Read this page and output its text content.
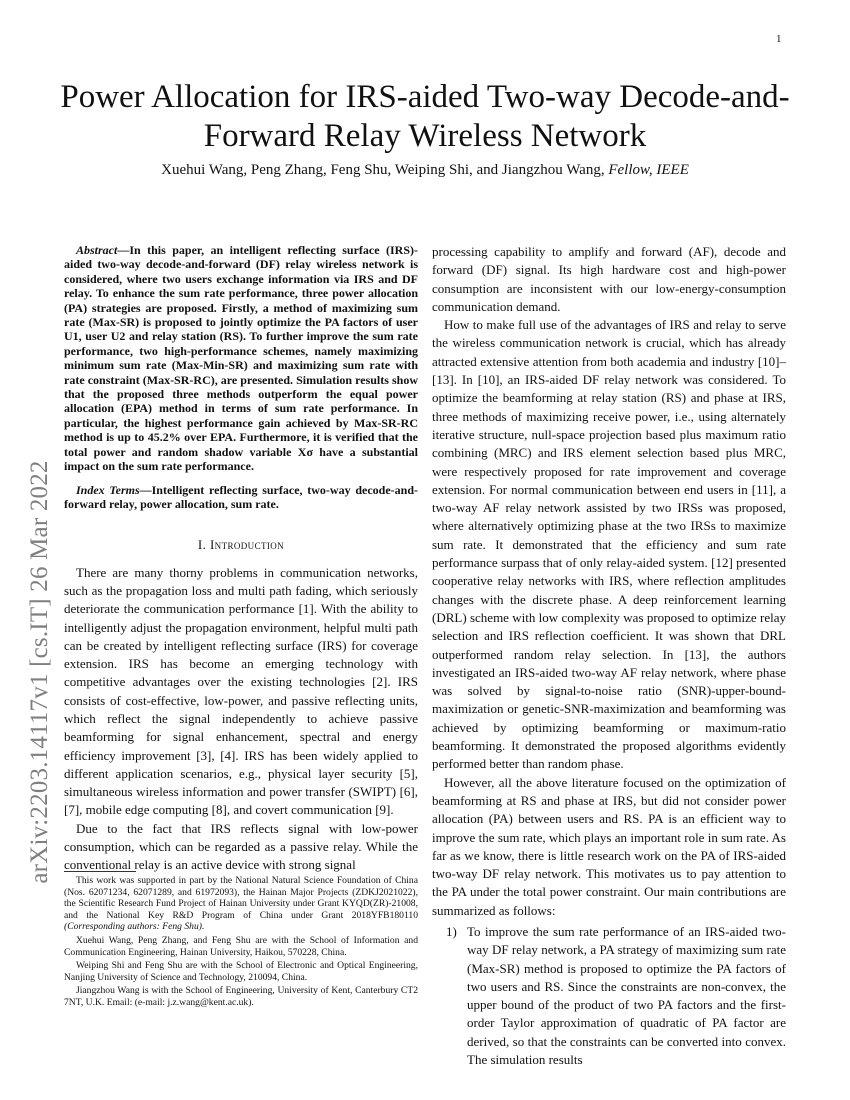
1
arXiv:2203.14117v1 [cs.IT] 26 Mar 2022
Power Allocation for IRS-aided Two-way Decode-and-Forward Relay Wireless Network
Xuehui Wang, Peng Zhang, Feng Shu, Weiping Shi, and Jiangzhou Wang, Fellow, IEEE

Abstract—In this paper, an intelligent reflecting surface (IRS)-aided two-way decode-and-forward (DF) relay wireless network is considered, where two users exchange information via IRS and DF relay. To enhance the sum rate performance, three power allocation (PA) strategies are proposed. Firstly, a method of maximizing sum rate (Max-SR) is proposed to jointly optimize the PA factors of user U1, user U2 and relay station (RS). To further improve the sum rate performance, two high-performance schemes, namely maximizing minimum sum rate (Max-Min-SR) and maximizing sum rate with rate constraint (Max-SR-RC), are presented. Simulation results show that the proposed three methods outperform the equal power allocation (EPA) method in terms of sum rate performance. In particular, the highest performance gain achieved by Max-SR-RC method is up to 45.2% over EPA. Furthermore, it is verified that the total power and random shadow variable Xσ have a substantial impact on the sum rate performance.

Index Terms—Intelligent reflecting surface, two-way decode-and-forward relay, power allocation, sum rate.

I. Introduction

There are many thorny problems in communication networks, such as the propagation loss and multi path fading, which seriously deteriorate the communication performance [1]. With the ability to intelligently adjust the propagation environment, helpful multi path can be created by intelligent reflecting surface (IRS) for coverage extension. IRS has become an emerging technology with competitive advantages over the existing technologies [2]. IRS consists of cost-effective, low-power, and passive reflecting units, which reflect the signal independently to achieve passive beamforming for signal enhancement, spectral and energy efficiency improvement [3], [4]. IRS has been widely applied to different application scenarios, e.g., physical layer security [5], simultaneous wireless information and power transfer (SWIPT) [6], [7], mobile edge computing [8], and covert communication [9].

Due to the fact that IRS reflects signal with low-power consumption, which can be regarded as a passive relay. While the conventional relay is an active device with strong signal

This work was supported in part by the National Natural Science Foundation of China (Nos. 62071234, 62071289, and 61972093), the Hainan Major Projects (ZDKJ2021022), the Scientific Research Fund Project of Hainan University under Grant KYQD(ZR)-21008, and the National Key R&D Program of China under Grant 2018YFB180110 (Corresponding authors: Feng Shu).

Xuehui Wang, Peng Zhang, and Feng Shu are with the School of Information and Communication Engineering, Hainan University, Haikou, 570228, China.

Weiping Shi and Feng Shu are with the School of Electronic and Optical Engineering, Nanjing University of Science and Technology, 210094, China.

Jiangzhou Wang is with the School of Engineering, University of Kent, Canterbury CT2 7NT, U.K. Email: (e-mail: j.z.wang@kent.ac.uk).

processing capability to amplify and forward (AF), decode and forward (DF) signal. Its high hardware cost and high-power consumption are inconsistent with our low-energy-consumption communication demand.

How to make full use of the advantages of IRS and relay to serve the wireless communication network is crucial, which has already attracted extensive attention from both academia and industry [10]–[13]. In [10], an IRS-aided DF relay network was considered. To optimize the beamforming at relay station (RS) and phase at IRS, three methods of maximizing receive power, i.e., using alternately iterative structure, null-space projection based plus maximum ratio combining (MRC) and IRS element selection based plus MRC, were respectively proposed for rate improvement and coverage extension. For normal communication between end users in [11], a two-way AF relay network assisted by two IRSs was proposed, where alternatively optimizing phase at the two IRSs to maximize sum rate. It demonstrated that the efficiency and sum rate performance surpass that of only relay-aided system. [12] presented cooperative relay networks with IRS, where reflection amplitudes changes with the discrete phase. A deep reinforcement learning (DRL) scheme with low complexity was proposed to optimize relay selection and IRS reflection coefficient. It was shown that DRL outperformed random relay selection. In [13], the authors investigated an IRS-aided two-way AF relay network, where phase was solved by signal-to-noise ratio (SNR)-upper-bound-maximization or genetic-SNR-maximization and beamforming was achieved by optimizing beamforming or maximum-ratio beamforming. It demonstrated the proposed algorithms evidently performed better than random phase.

However, all the above literature focused on the optimization of beamforming at RS and phase at IRS, but did not consider power allocation (PA) between users and RS. PA is an efficient way to improve the sum rate, which plays an important role in sum rate. As far as we know, there is little research work on the PA of IRS-aided two-way DF relay network. This motivates us to pay attention to the PA under the total power constraint. Our main contributions are summarized as follows:

1) To improve the sum rate performance of an IRS-aided two-way DF relay network, a PA strategy of maximizing sum rate (Max-SR) method is proposed to optimize the PA factors of two users and RS. Since the constraints are non-convex, the upper bound of the product of two PA factors and the first-order Taylor approximation of quadratic of PA factor are derived, so that the constraints can be converted into convex. The simulation results
